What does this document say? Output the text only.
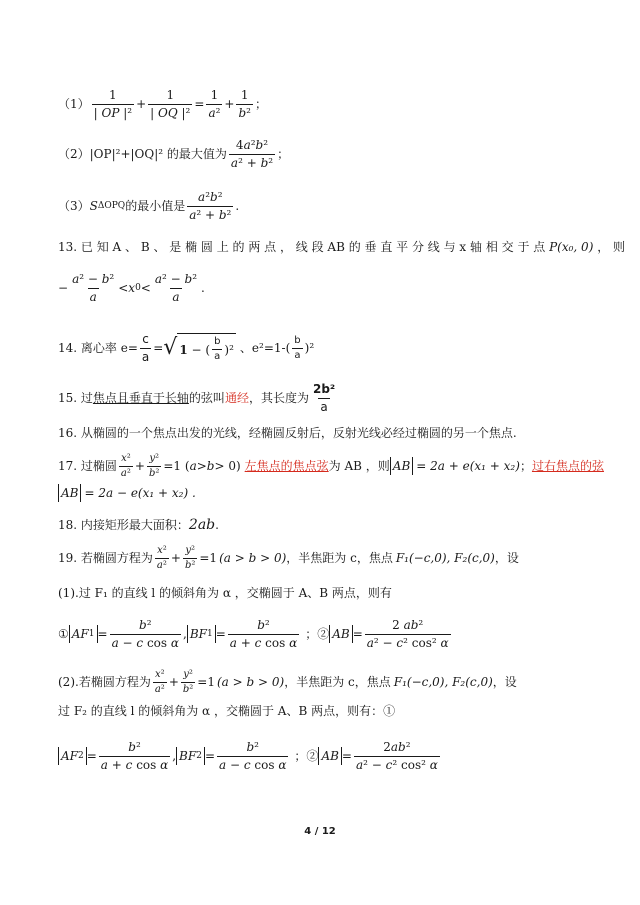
（1）
1
| OP |²
+ $\frac{1}{\text{| OQ |²}} = \frac{1}{\text{a²}} + \frac{1}{\text{b²}}$ ；
（2） |OP|²+|OQ|² 的最大值为
4a²b²
a² + b²
；
（3） S ΔOPQ 的最小值是
a²b²
a² + b²
.
13. 已 知 A 、 B 、 是 椭 圆 上 的 两 点 ， 线 段 AB 的 垂 直 平 分 线 与 x 轴 相 交 于 点 P(x₀, 0) ， 则
− $\frac{\text{a² − b²}}{a} < x$ 0 <
a² − b²
a
.
14. 离心率 $e= \frac{c}{a}$ = √ 1 − (
b
a )² 、e²=1- (
b
a )²
15. 过 焦点且垂直于长轴 的弦叫 通经 ，其长度为
2b²
a
16. 从椭圆的一个焦点出发的光线，经椭圆反射后，反射光线必经过椭圆的另一个焦点.
17. 过椭圆
x²
$a^2 + \frac{\text{y²}}{\text{b²}} =1$ ( a > b > 0) 左焦点的焦点弦 为 AB ，则 AB = 2a + e(x₁ + x₂) ； 过右焦点的弦
AB = 2a − e(x₁ + x₂) .
18. 内接矩形最大面积： 2ab .
19. 若椭圆方程为
x²
$a^2 + \frac{\text{y²}}{\text{b²}} =1$ (a > b > 0) ，半焦距为 c，焦点 F₁(−c,0), F₂(c,0) ，设
(1).过 F₁ 的直线 l 的倾斜角为 α ，交椭圆于 A、B 两点，则有
① AF $1 = \frac{\text{b²}}{\text{a − c cos α}}$ , BF $1 = \frac{\text{b²}}{\text{a + c cos α}}$ ；② AB = $\frac{\text{2 ab²}}{\text{a² − c² cos² α}}$
(2).若椭圆方程为
x²
$a^2 + \frac{\text{y²}}{\text{b²}} =1$ (a > b > 0) ，半焦距为 c，焦点 F₁(−c,0), F₂(c,0) ，设
过 F₂ 的直线 l 的倾斜角为 α ，交椭圆于 A、B 两点，则有：①
AF $2 = \frac{\text{b²}}{\text{a + c cos α}}$ , BF $2 = \frac{\text{b²}}{\text{a − c cos α}}$ ；② AB = $\frac{\text{2ab²}}{\text{a² − c² cos² α}}$
4 / 12
